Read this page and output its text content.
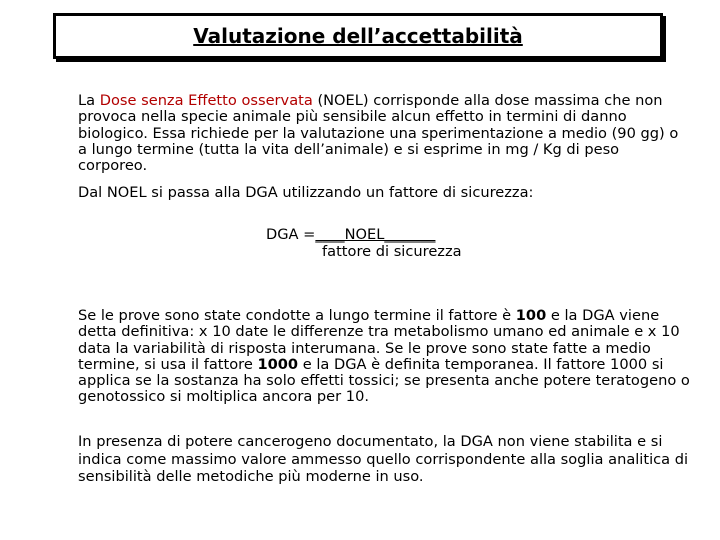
Valutazione dell’accettabilità

La Dose senza Effetto osservata (NOEL) corrisponde alla dose massima che non provoca nella specie animale più sensibile alcun effetto in termini di danno biologico. Essa richiede per la valutazione una sperimentazione a medio (90 gg) o a lungo termine (tutta la vita dell’animale) e si esprime in mg / Kg di peso corporeo.

Dal NOEL si passa alla DGA utilizzando un fattore di sicurezza:

DGA =____NOEL_______
fattore di sicurezza

Se le prove sono state condotte a lungo termine il fattore è 100 e la DGA viene detta definitiva: x 10 date le differenze tra metabolismo umano ed animale e x 10 data la variabilità di risposta interumana. Se le prove sono state fatte a medio termine, si usa il fattore 1000 e la DGA è definita temporanea. Il fattore 1000 si applica se la sostanza ha solo effetti tossici; se presenta anche potere teratogeno o genotossico si moltiplica ancora per 10.

In presenza di potere cancerogeno documentato, la DGA non viene stabilita e si indica come massimo valore ammesso quello corrispondente alla soglia analitica di sensibilità delle metodiche più moderne in uso.
